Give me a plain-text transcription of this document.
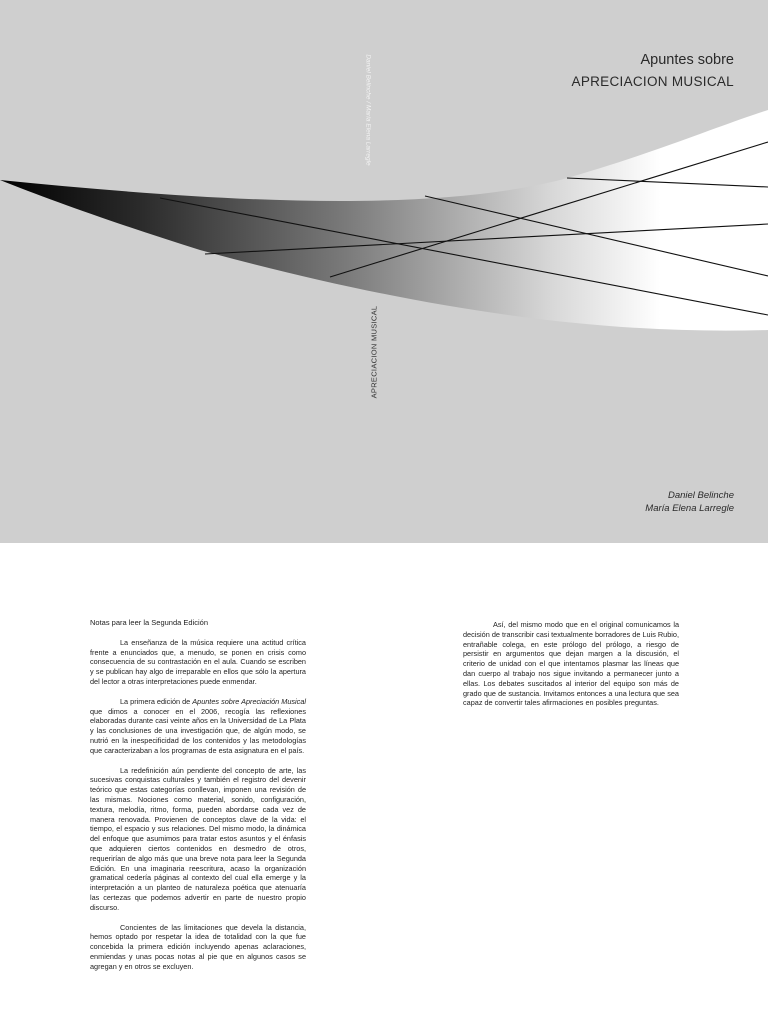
Apuntes sobre
APRECIACION MUSICAL
Daniel Belinche / María Elena Larregle
APRECIACION MUSICAL
Daniel Belinche
María Elena Larregle
Notas para leer la Segunda Edición

La enseñanza de la música requiere una actitud crítica frente a enunciados que, a menudo, se ponen en crisis como consecuencia de su contrastación en el aula. Cuando se escriben y se publican hay algo de irreparable en ellos que sólo la apertura del lector a otras interpretaciones puede enmendar.

La primera edición de Apuntes sobre Apreciación Musical que dimos a conocer en el 2006, recogía las reflexiones elaboradas durante casi veinte años en la Universidad de La Plata y las conclusiones de una investigación que, de algún modo, se nutrió en la inespecificidad de los contenidos y las metodologías que caracterizaban a los programas de esta asignatura en el país.

La redefinición aún pendiente del concepto de arte, las sucesivas conquistas culturales y también el registro del devenir teórico que estas categorías conllevan, imponen una revisión de las mismas. Nociones como material, sonido, configuración, textura, melodía, ritmo, forma, pueden abordarse cada vez de manera renovada. Provienen de conceptos clave de la vida: el tiempo, el espacio y sus relaciones. Del mismo modo, la dinámica del enfoque que asumimos para tratar estos asuntos y el énfasis que adquieren ciertos contenidos en desmedro de otros, requerirían de algo más que una breve nota para leer la Segunda Edición. En una imaginaria reescritura, acaso la organización gramatical cedería páginas al contexto del cual ella emerge y la interpretación a un planteo de naturaleza poética que atenuaría las certezas que podemos advertir en parte de nuestro propio discurso.

Concientes de las limitaciones que devela la distancia, hemos optado por respetar la idea de totalidad con la que fue concebida la primera edición incluyendo apenas aclaraciones, enmiendas y unas pocas notas al pie que en algunos casos se agregan y en otros se excluyen.

Así, del mismo modo que en el original comunicamos la decisión de transcribir casi textualmente borradores de Luis Rubio, entrañable colega, en este prólogo del prólogo, a riesgo de persistir en argumentos que dejan margen a la discusión, el criterio de unidad con el que intentamos plasmar las líneas que dan cuerpo al trabajo nos sigue invitando a permanecer junto a ellas. Los debates suscitados al interior del equipo son más de grado que de sustancia. Invitamos entonces a una lectura que sea capaz de convertir tales afirmaciones en posibles preguntas.
